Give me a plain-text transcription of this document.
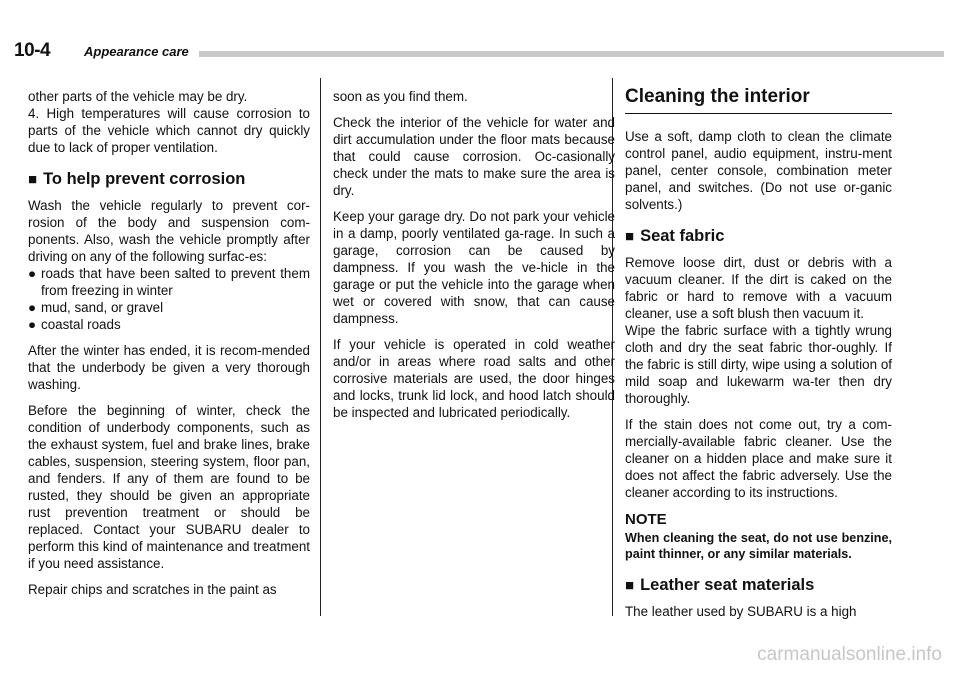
10-4	Appearance care

other parts of the vehicle may be dry.

4. High temperatures will cause corrosion to parts of the vehicle which cannot dry quickly due to lack of proper ventilation.

■ To help prevent corrosion

Wash the vehicle regularly to prevent cor-rosion of the body and suspension com-ponents. Also, wash the vehicle promptly after driving on any of the following surfac-es:

● roads that have been salted to prevent them from freezing in winter
● mud, sand, or gravel
● coastal roads

After the winter has ended, it is recom-mended that the underbody be given a very thorough washing.

Before the beginning of winter, check the condition of underbody components, such as the exhaust system, fuel and brake lines, brake cables, suspension, steering system, floor pan, and fenders. If any of them are found to be rusted, they should be given an appropriate rust prevention treatment or should be replaced. Contact your SUBARU dealer to perform this kind of maintenance and treatment if you need assistance.

Repair chips and scratches in the paint as

soon as you find them.

Check the interior of the vehicle for water and dirt accumulation under the floor mats because that could cause corrosion. Oc-casionally check under the mats to make sure the area is dry.

Keep your garage dry. Do not park your vehicle in a damp, poorly ventilated ga-rage. In such a garage, corrosion can be caused by dampness. If you wash the ve-hicle in the garage or put the vehicle into the garage when wet or covered with snow, that can cause dampness.

If your vehicle is operated in cold weather and/or in areas where road salts and other corrosive materials are used, the door hinges and locks, trunk lid lock, and hood latch should be inspected and lubricated periodically.

Cleaning the interior

Use a soft, damp cloth to clean the climate control panel, audio equipment, instru-ment panel, center console, combination meter panel, and switches. (Do not use or-ganic solvents.)

■ Seat fabric

Remove loose dirt, dust or debris with a vacuum cleaner. If the dirt is caked on the fabric or hard to remove with a vacuum cleaner, use a soft blush then vacuum it.

Wipe the fabric surface with a tightly wrung cloth and dry the seat fabric thor-oughly. If the fabric is still dirty, wipe using a solution of mild soap and lukewarm wa-ter then dry thoroughly.

If the stain does not come out, try a com-mercially-available fabric cleaner. Use the cleaner on a hidden place and make sure it does not affect the fabric adversely. Use the cleaner according to its instructions.

NOTE

When cleaning the seat, do not use benzine, paint thinner, or any similar materials.

■ Leather seat materials

The leather used by SUBARU is a high

carmanualsonline.info
